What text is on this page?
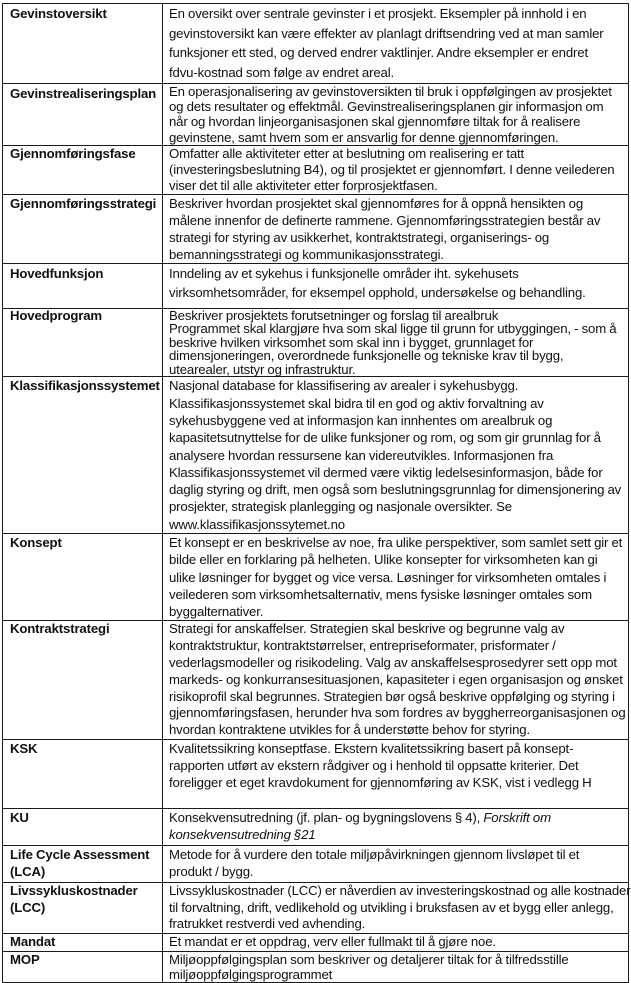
Gevinstoversikt	En oversikt over sentrale gevinster i et prosjekt. Eksempler på innhold i en
gevinstoversikt kan være effekter av planlagt driftsendring ved at man samler
funksjoner ett sted, og derved endrer vaktlinjer. Andre eksempler er endret
fdvu-kostnad som følge av endret areal.

Gevinstrealiseringsplan	En operasjonalisering av gevinstoversikten til bruk i oppfølgingen av prosjektet
og dets resultater og effektmål. Gevinstrealiseringsplanen gir informasjon om
når og hvordan linjeorganisasjonen skal gjennomføre tiltak for å realisere
gevinstene, samt hvem som er ansvarlig for denne gjennomføringen.

Gjennomføringsfase	Omfatter alle aktiviteter etter at beslutning om realisering er tatt
(investeringsbeslutning B4), og til prosjektet er gjennomført. I denne veilederen
viser det til alle aktiviteter etter forprosjektfasen.

Gjennomføringsstrategi	Beskriver hvordan prosjektet skal gjennomføres for å oppnå hensikten og
målene innenfor de definerte rammene. Gjennomføringsstrategien består av
strategi for styring av usikkerhet, kontraktstrategi, organiserings- og
bemanningsstrategi og kommunikasjonsstrategi.

Hovedfunksjon	Inndeling av et sykehus i funksjonelle områder iht. sykehusets
virksomhetsområder, for eksempel opphold, undersøkelse og behandling.

Hovedprogram	Beskriver prosjektets forutsetninger og forslag til arealbruk
Programmet skal klargjøre hva som skal ligge til grunn for utbyggingen, - som å
beskrive hvilken virksomhet som skal inn i bygget, grunnlaget for
dimensjoneringen, overordnede funksjonelle og tekniske krav til bygg,
utearealer, utstyr og infrastruktur.

Klassifikasjonssystemet	Nasjonal database for klassifisering av arealer i sykehusbygg.
Klassifikasjonssystemet skal bidra til en god og aktiv forvaltning av
sykehusbyggene ved at informasjon kan innhentes om arealbruk og
kapasitetsutnyttelse for de ulike funksjoner og rom, og som gir grunnlag for å
analysere hvordan ressursene kan videreutvikles. Informasjonen fra
Klassifikasjonssystemet vil dermed være viktig ledelsesinformasjon, både for
daglig styring og drift, men også som beslutningsgrunnlag for dimensjonering av
prosjekter, strategisk planlegging og nasjonale oversikter. Se
www.klassifikasjonssytemet.no

Konsept	Et konsept er en beskrivelse av noe, fra ulike perspektiver, som samlet sett gir et
bilde eller en forklaring på helheten. Ulike konsepter for virksomheten kan gi
ulike løsninger for bygget og vice versa. Løsninger for virksomheten omtales i
veilederen som virksomhetsalternativ, mens fysiske løsninger omtales som
byggalternativer.

Kontraktstrategi	Strategi for anskaffelser. Strategien skal beskrive og begrunne valg av
kontraktstruktur, kontraktstørrelser, entrepriseformater, prisformater /
vederlagsmodeller og risikodeling. Valg av anskaffelsesprosedyrer sett opp mot
markeds- og konkurransesituasjonen, kapasiteter i egen organisasjon og ønsket
risikoprofil skal begrunnes. Strategien bør også beskrive oppfølging og styring i
gjennomføringsfasen, herunder hva som fordres av byggherreorganisasjonen og
hvordan kontraktene utvikles for å understøtte behov for styring.

KSK	Kvalitetssikring konseptfase. Ekstern kvalitetssikring basert på konsept-
rapporten utført av ekstern rådgiver og i henhold til oppsatte kriterier. Det
foreligger et eget kravdokument for gjennomføring av KSK, vist i vedlegg H

KU	Konsekvensutredning (jf. plan- og bygningslovens § 4), Forskrift om
konsekvensutredning §21

Life Cycle Assessment
(LCA)	Metode for å vurdere den totale miljøpåvirkningen gjennom livsløpet til et
produkt / bygg.

Livssykluskostnader
(LCC)	Livssykluskostnader (LCC) er nåverdien av investeringskostnad og alle kostnader
til forvaltning, drift, vedlikehold og utvikling i bruksfasen av et bygg eller anlegg,
fratrukket restverdi ved avhending.

Mandat	Et mandat er et oppdrag, verv eller fullmakt til å gjøre noe.

MOP	Miljøoppfølgingsplan som beskriver og detaljerer tiltak for å tilfredsstille
miljøoppfølgingsprogrammet
